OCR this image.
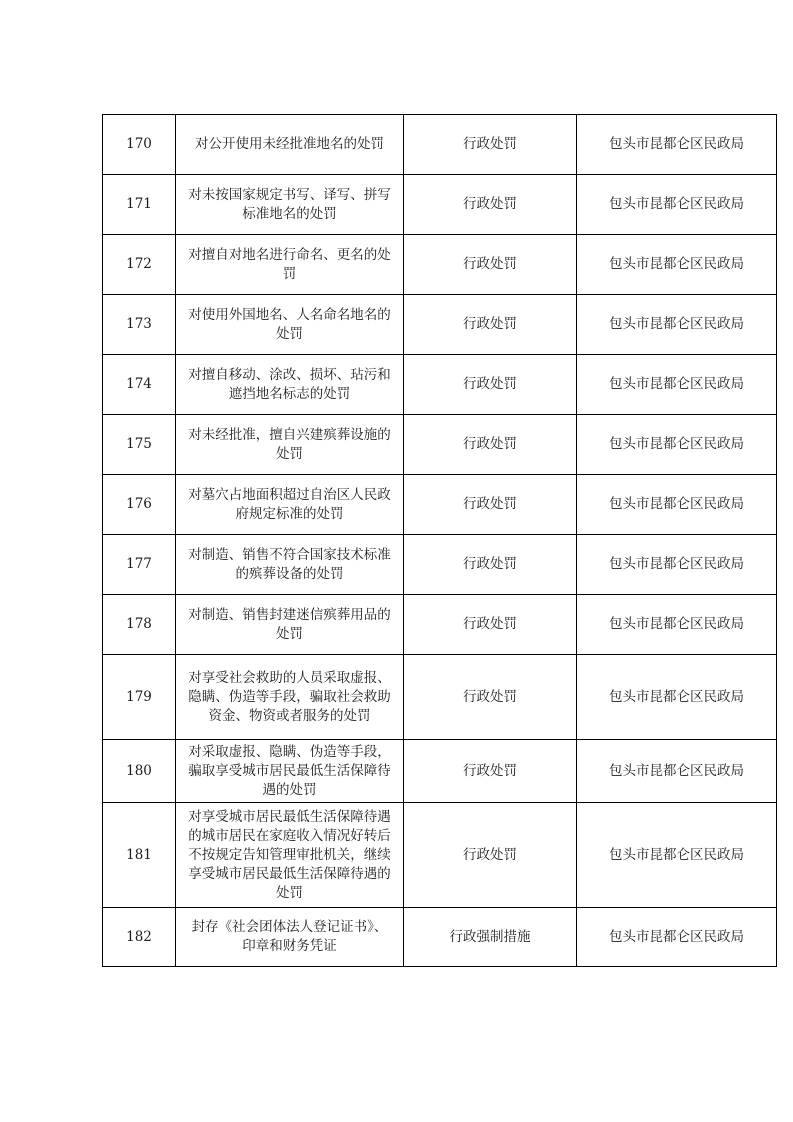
170	对公开使用未经批准地名的处罚	行政处罚	包头市昆都仑区民政局
171	对未按国家规定书写、译写、拼写标准地名的处罚	行政处罚	包头市昆都仑区民政局
172	对擅自对地名进行命名、更名的处罚	行政处罚	包头市昆都仑区民政局
173	对使用外国地名、人名命名地名的处罚	行政处罚	包头市昆都仑区民政局
174	对擅自移动、涂改、损坏、玷污和遮挡地名标志的处罚	行政处罚	包头市昆都仑区民政局
175	对未经批准，擅自兴建殡葬设施的处罚	行政处罚	包头市昆都仑区民政局
176	对墓穴占地面积超过自治区人民政府规定标准的处罚	行政处罚	包头市昆都仑区民政局
177	对制造、销售不符合国家技术标准的殡葬设备的处罚	行政处罚	包头市昆都仑区民政局
178	对制造、销售封建迷信殡葬用品的处罚	行政处罚	包头市昆都仑区民政局
179	对享受社会救助的人员采取虚报、隐瞒、伪造等手段，骗取社会救助资金、物资或者服务的处罚	行政处罚	包头市昆都仑区民政局
180	对采取虚报、隐瞒、伪造等手段，骗取享受城市居民最低生活保障待遇的处罚	行政处罚	包头市昆都仑区民政局
181	对享受城市居民最低生活保障待遇的城市居民在家庭收入情况好转后不按规定告知管理审批机关，继续享受城市居民最低生活保障待遇的处罚	行政处罚	包头市昆都仑区民政局
182	封存《社会团体法人登记证书》、印章和财务凭证	行政强制措施	包头市昆都仑区民政局
